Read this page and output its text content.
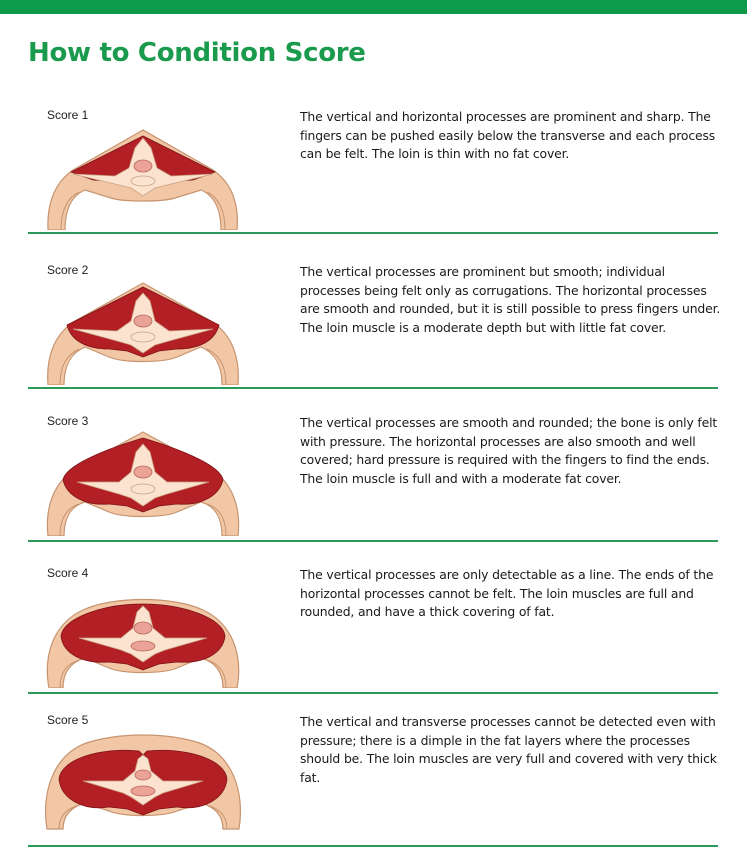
How to Condition Score
Score 1	The vertical and horizontal processes are prominent and sharp. The fingers can be pushed easily below the transverse and each process can be felt. The loin is thin with no fat cover.
Score 2	The vertical processes are prominent but smooth; individual processes being felt only as corrugations. The horizontal processes are smooth and rounded, but it is still possible to press fingers under. The loin muscle is a moderate depth but with little fat cover.
Score 3	The vertical processes are smooth and rounded; the bone is only felt with pressure. The horizontal processes are also smooth and well covered; hard pressure is required with the fingers to find the ends. The loin muscle is full and with a moderate fat cover.
Score 4	The vertical processes are only detectable as a line. The ends of the horizontal processes cannot be felt. The loin muscles are full and rounded, and have a thick covering of fat.
Score 5	The vertical and transverse processes cannot be detected even with pressure; there is a dimple in the fat layers where the processes should be. The loin muscles are very full and covered with very thick fat.
